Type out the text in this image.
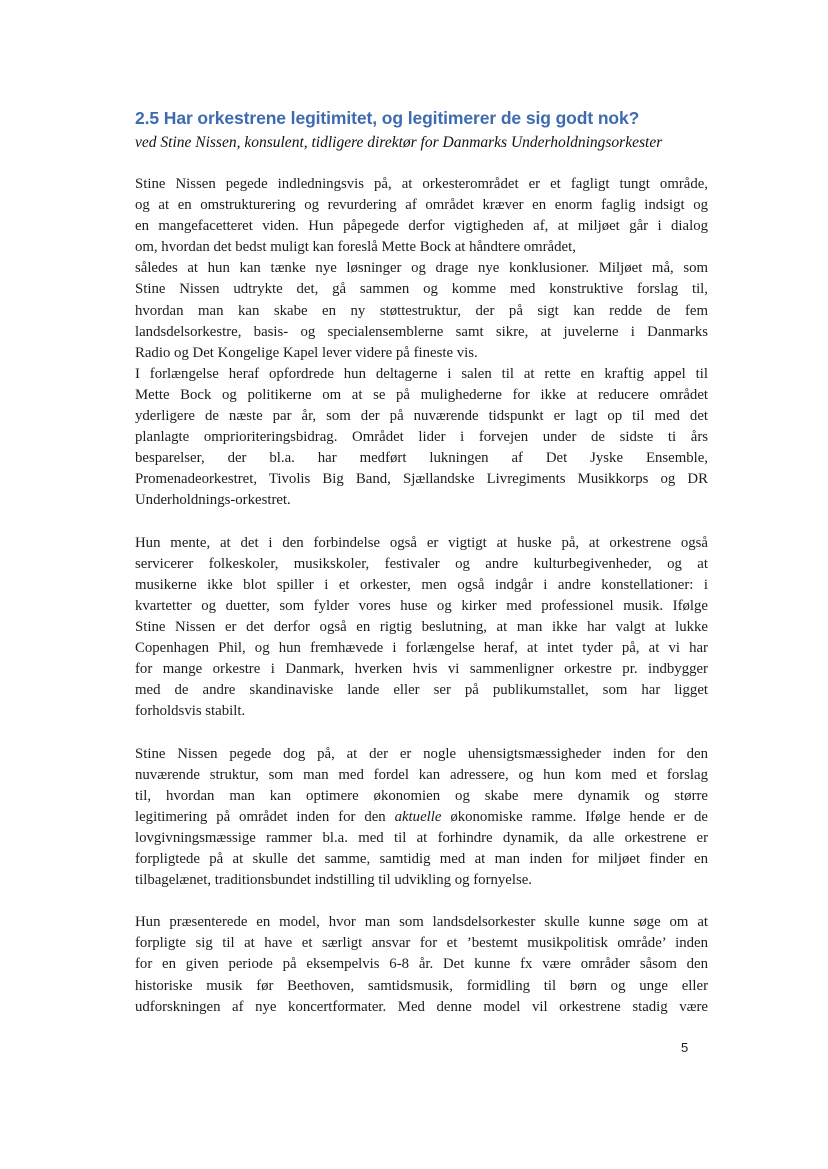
2.5 Har orkestrene legitimitet, og legitimerer de sig godt nok?

ved Stine Nissen, konsulent, tidligere direktør for Danmarks Underholdningsorkester

Stine Nissen pegede indledningsvis på, at orkesterområdet er et fagligt tungt område,
og at en omstrukturering og revurdering af området kræver en enorm faglig indsigt og
en mangefacetteret viden. Hun påpegede derfor vigtigheden af, at miljøet går i dialog
om, hvordan det bedst muligt kan foreslå Mette Bock at håndtere området,
således at hun kan tænke nye løsninger og drage nye konklusioner. Miljøet må, som
Stine Nissen udtrykte det, gå sammen og komme med konstruktive forslag til,
hvordan man kan skabe en ny støttestruktur, der på sigt kan redde de fem
landsdelsorkestre, basis- og specialensemblerne samt sikre, at juvelerne i Danmarks
Radio og Det Kongelige Kapel lever videre på fineste vis.
I forlængelse heraf opfordrede hun deltagerne i salen til at rette en kraftig appel til
Mette Bock og politikerne om at se på mulighederne for ikke at reducere området
yderligere de næste par år, som der på nuværende tidspunkt er lagt op til med det
planlagte omprioriteringsbidrag. Området lider i forvejen under de sidste ti års
besparelser, der bl.a. har medført lukningen af Det Jyske Ensemble,
Promenadeorkestret, Tivolis Big Band, Sjællandske Livregiments Musikkorps og DR
Underholdnings-orkestret.
Hun mente, at det i den forbindelse også er vigtigt at huske på, at orkestrene også
servicerer folkeskoler, musikskoler, festivaler og andre kulturbegivenheder, og at
musikerne ikke blot spiller i et orkester, men også indgår i andre konstellationer: i
kvartetter og duetter, som fylder vores huse og kirker med professionel musik. Ifølge
Stine Nissen er det derfor også en rigtig beslutning, at man ikke har valgt at lukke
Copenhagen Phil, og hun fremhævede i forlængelse heraf, at intet tyder på, at vi har
for mange orkestre i Danmark, hverken hvis vi sammenligner orkestre pr. indbygger
med de andre skandinaviske lande eller ser på publikumstallet, som har ligget
forholdsvis stabilt.
Stine Nissen pegede dog på, at der er nogle uhensigtsmæssigheder inden for den
nuværende struktur, som man med fordel kan adressere, og hun kom med et forslag
til, hvordan man kan optimere økonomien og skabe mere dynamik og større
legitimering på området inden for den aktuelle økonomiske ramme. Ifølge hende er de
lovgivningsmæssige rammer bl.a. med til at forhindre dynamik, da alle orkestrene er
forpligtede på at skulle det samme, samtidig med at man inden for miljøet finder en
tilbagelænet, traditionsbundet indstilling til udvikling og fornyelse.
Hun præsenterede en model, hvor man som landsdelsorkester skulle kunne søge om at
forpligte sig til at have et særligt ansvar for et ’bestemt musikpolitisk område’ inden
for en given periode på eksempelvis 6-8 år. Det kunne fx være områder såsom den
historiske musik før Beethoven, samtidsmusik, formidling til børn og unge eller
udforskningen af nye koncertformater. Med denne model vil orkestrene stadig være
5
